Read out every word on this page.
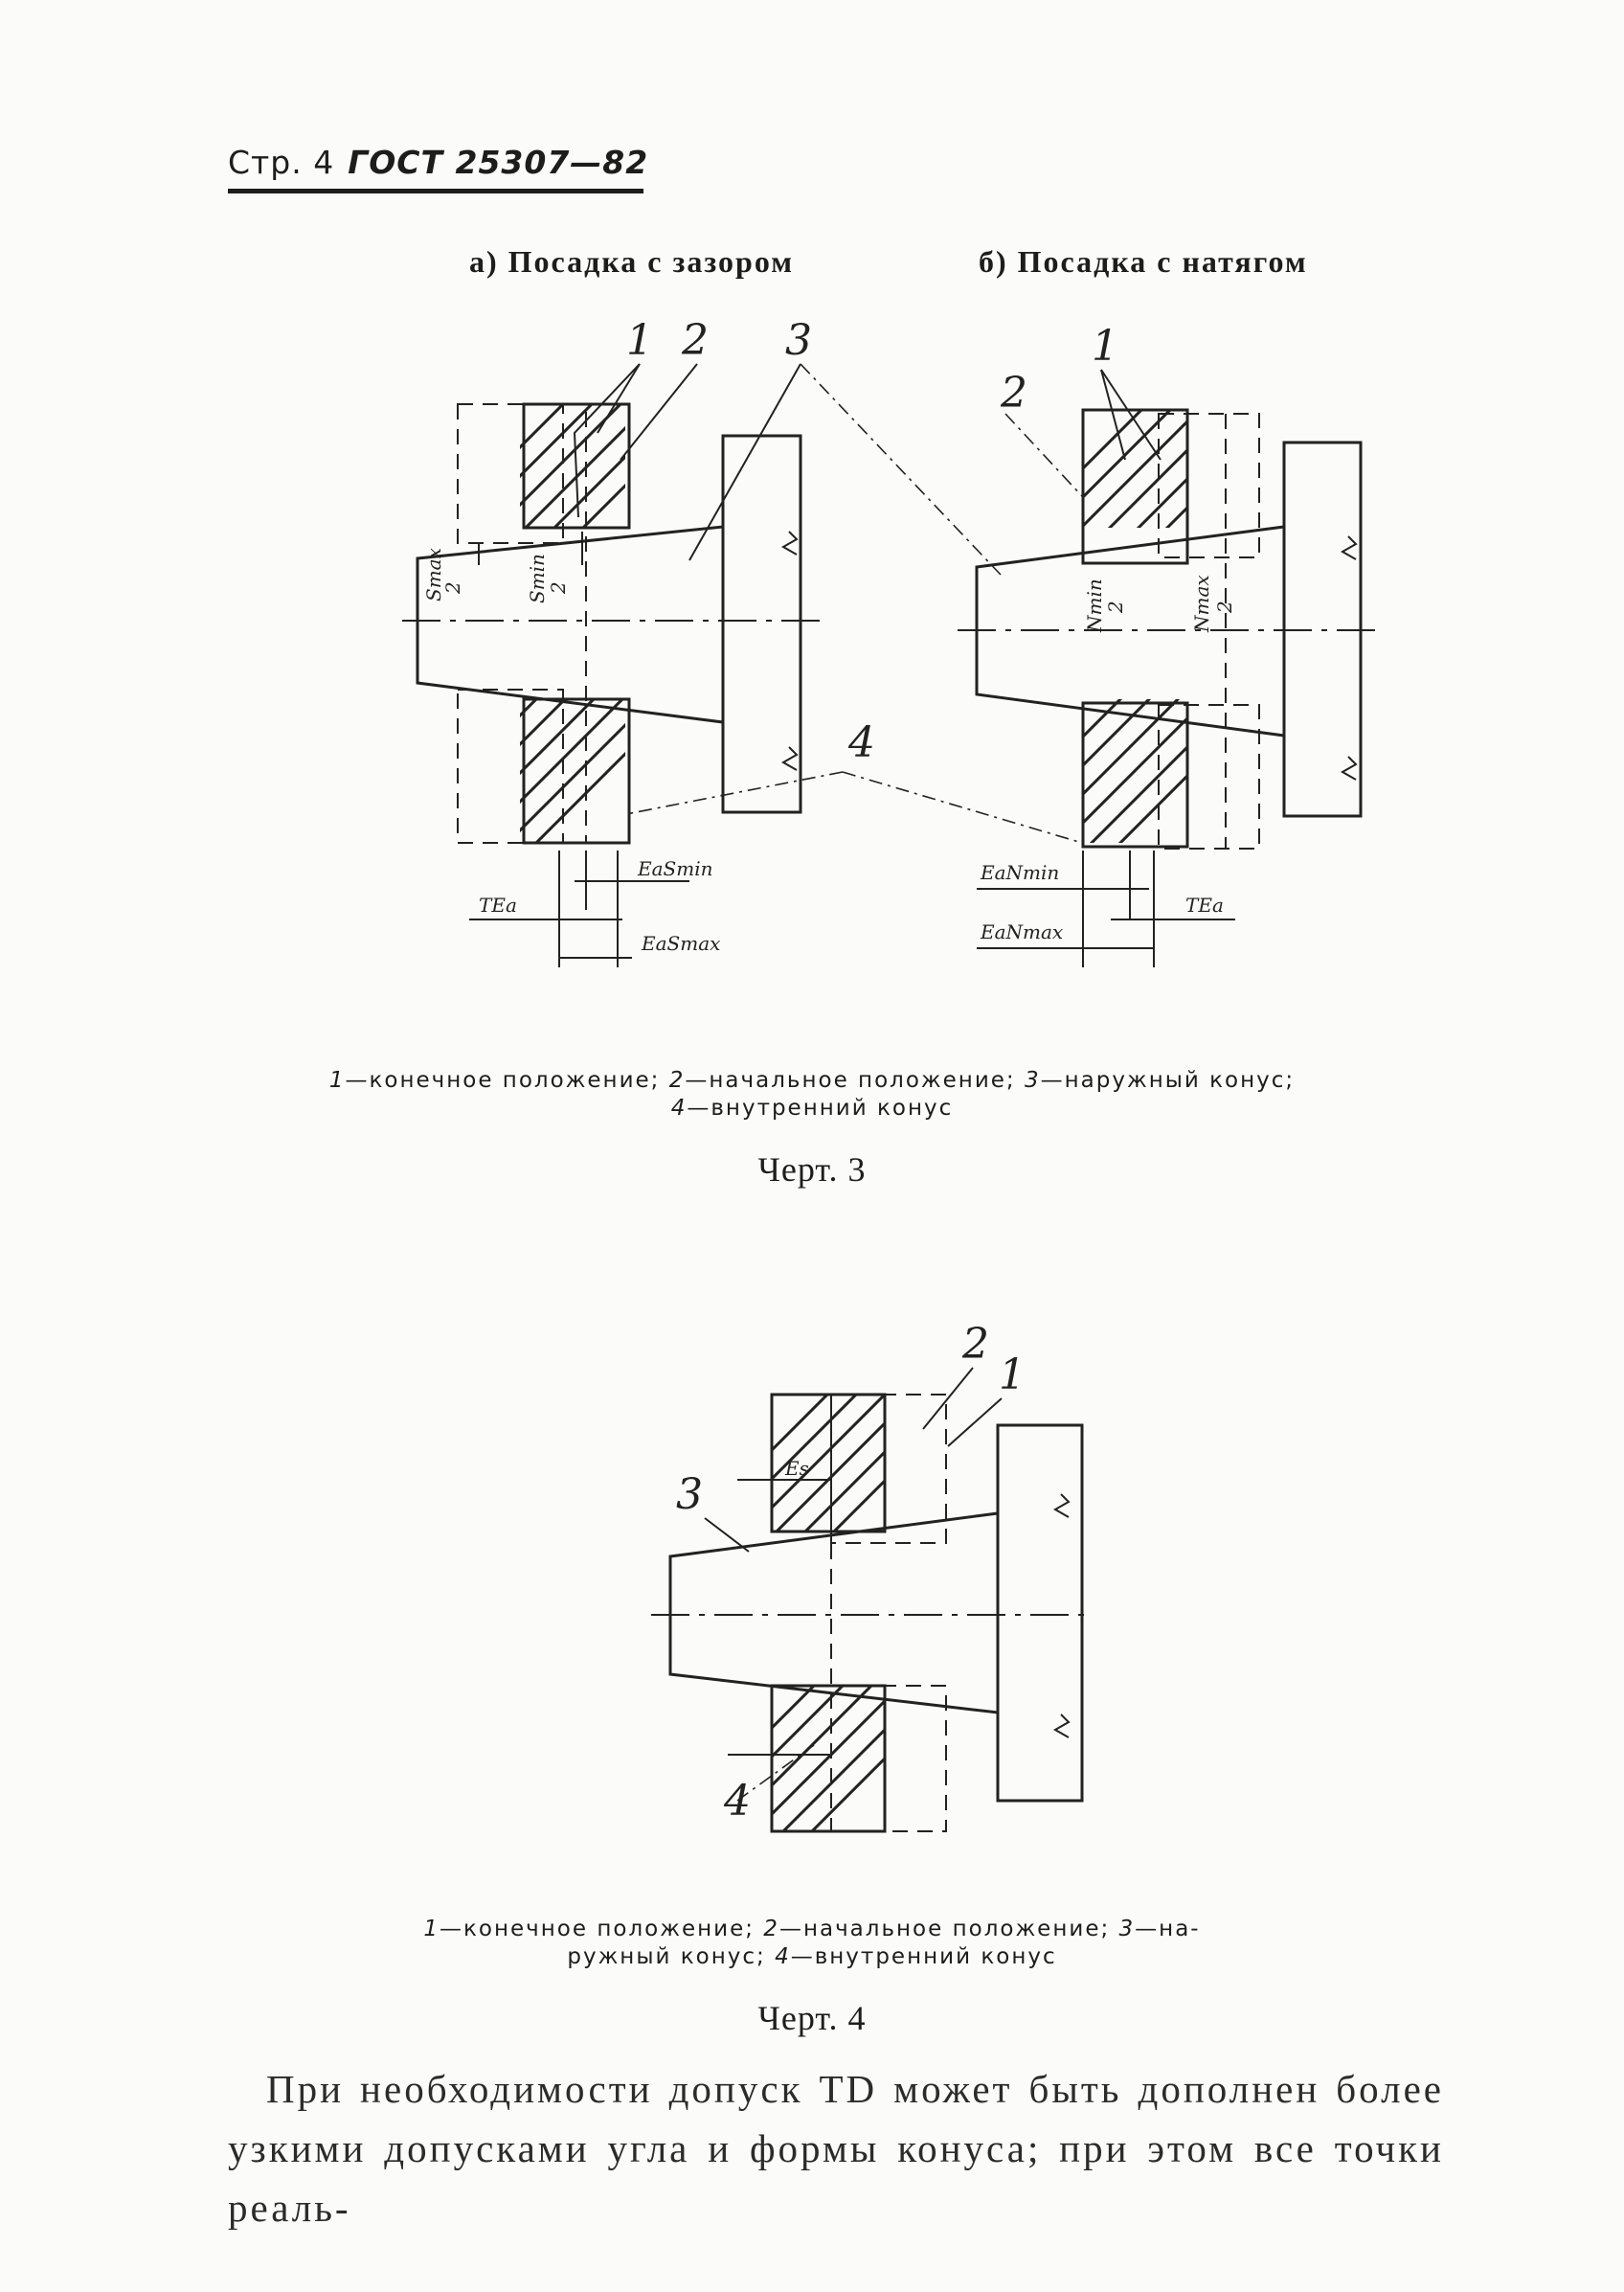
Стр. 4 ГОСТ 25307—82
а) Посадка с зазором	б) Посадка с натягом
Smax
2	Smin
2
1 2 3
4
EaSmin
TEa
EaSmax
Nmin
2	Nmax 2
1
2
EaNmin
TEa
EaNmax
1—конечное положение; 2—начальное положение; 3—наружный конус;
4—внутренний конус
Черт. 3
Es
2
1
3
4
1—конечное положение; 2—начальное положение; 3—на-
ружный конус; 4—внутренний конус
Черт. 4
При необходимости допуск TD может быть дополнен более узкими допусками угла и формы конуса; при этом все точки реаль-
